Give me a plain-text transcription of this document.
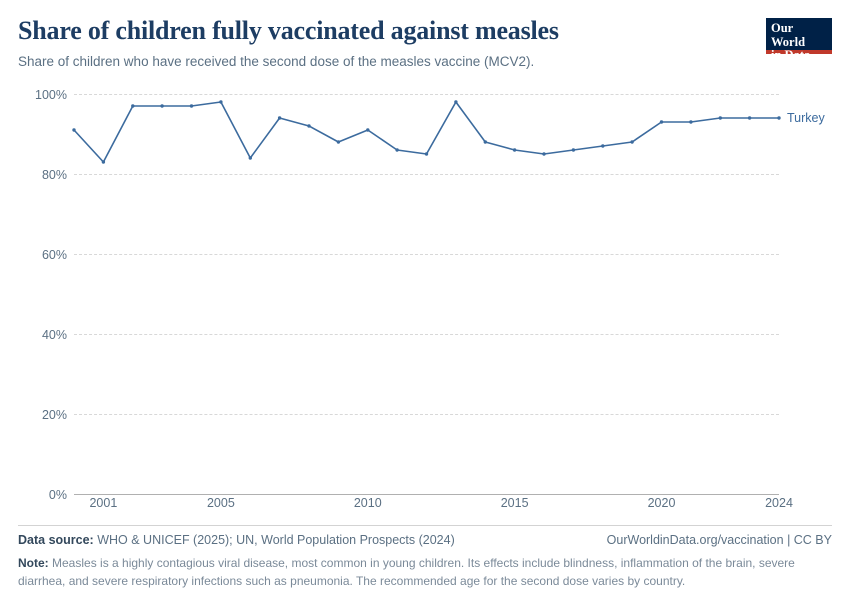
Share of children fully vaccinated against measles

Share of children who have received the second dose of the measles vaccine (MCV2).

Our World
in Data
0%
20%
40%
60%
80%
100%
Turkey
2001	2005	2010	2015	2020	2024
Data source: WHO & UNICEF (2025); UN, World Population Prospects (2024)	OurWorldinData.org/vaccination | CC BY
Note: Measles is a highly contagious viral disease, most common in young children. Its effects include blindness, inflammation of the brain, severe diarrhea, and severe respiratory infections such as pneumonia. The recommended age for the second dose varies by country.
